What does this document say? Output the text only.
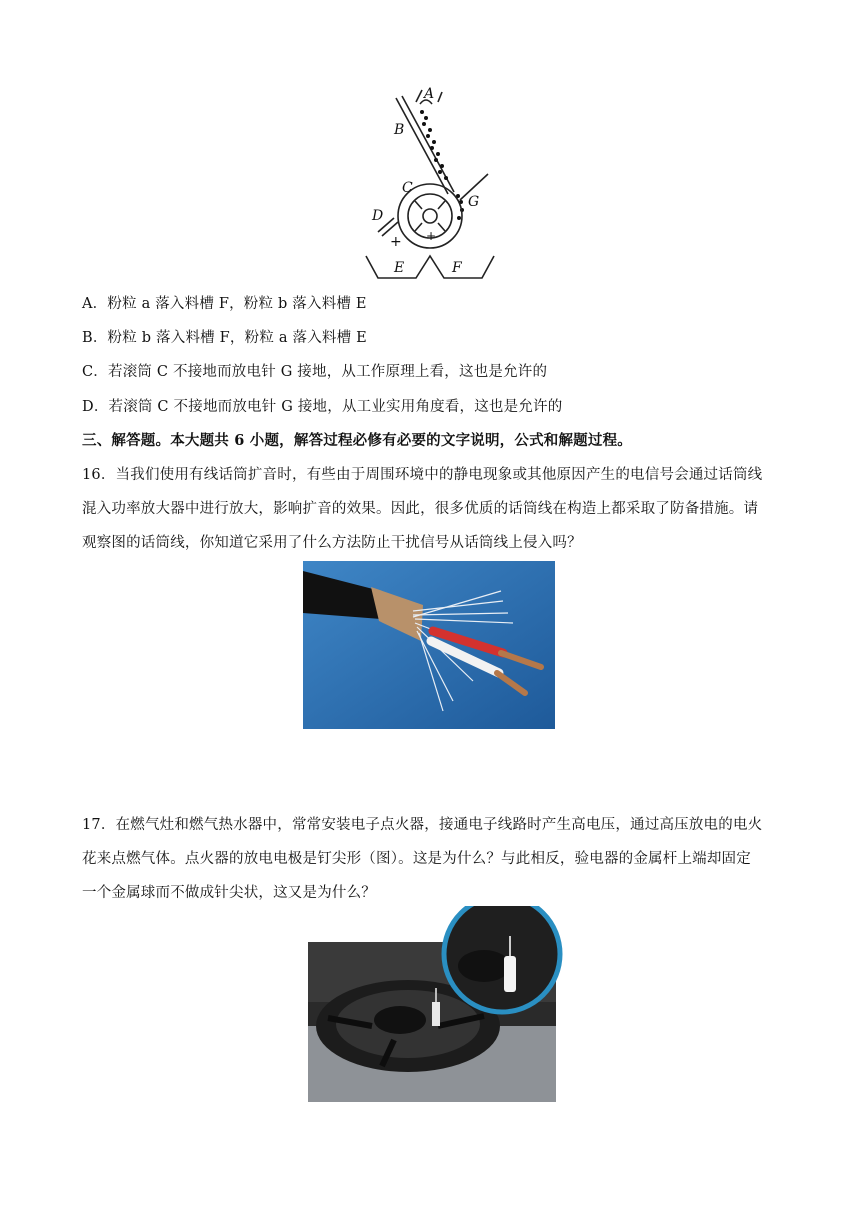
A
B
C
D
G
E	F
+ +
A．粉粒 a 落入料槽 F，粉粒 b 落入料槽 E
B．粉粒 b 落入料槽 F，粉粒 a 落入料槽 E
C．若滚筒 C 不接地而放电针 G 接地，从工作原理上看，这也是允许的
D．若滚筒 C 不接地而放电针 G 接地，从工业实用角度看，这也是允许的
三、解答题。本大题共 6 小题，解答过程必修有必要的文字说明，公式和解题过程。
16．当我们使用有线话筒扩音时，有些由于周围环境中的静电现象或其他原因产生的电信号会通过话筒线
混入功率放大器中进行放大，影响扩音的效果。因此，很多优质的话筒线在构造上都采取了防备措施。请
观察图的话筒线，你知道它采用了什么方法防止干扰信号从话筒线上侵入吗？
17．在燃气灶和燃气热水器中，常常安装电子点火器，接通电子线路时产生高电压，通过高压放电的电火
花来点燃气体。点火器的放电电极是钉尖形（图）。这是为什么？与此相反，验电器的金属杆上端却固定
一个金属球而不做成针尖状，这又是为什么？
